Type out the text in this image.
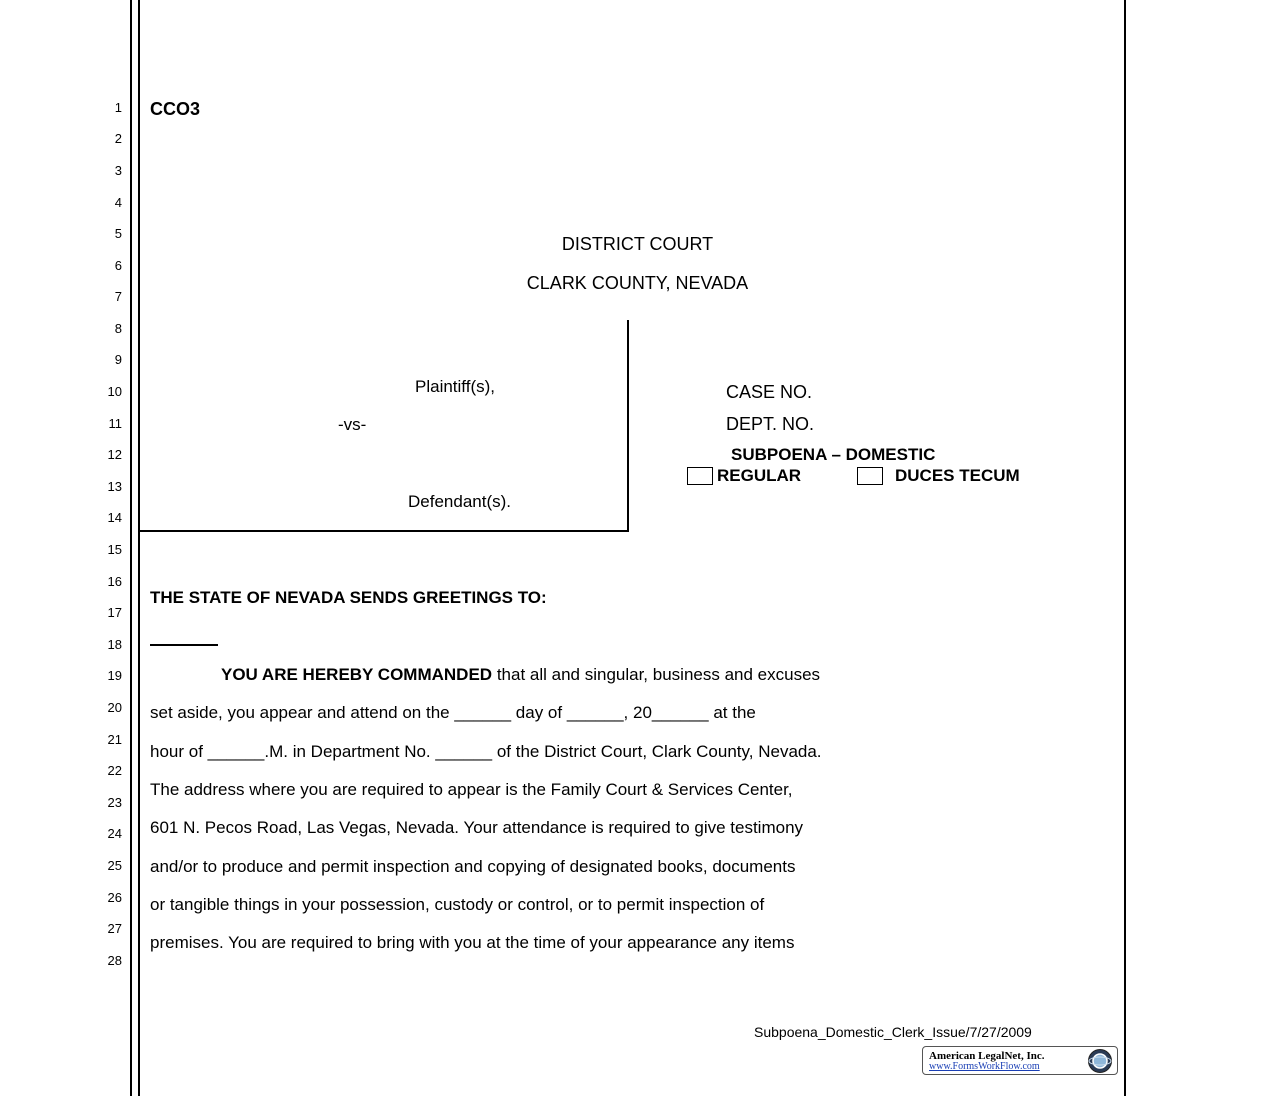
1
2
3
4
5
6
7
8
9
10
11
12
13
14
15
16
17
18
19
20
21
22
23
24
25
26
27
28
CCO3
DISTRICT COURT
CLARK COUNTY, NEVADA
Plaintiff(s),
-vs-
Defendant(s).
CASE NO.
DEPT. NO.
SUBPOENA – DOMESTIC
REGULAR	DUCES TECUM
THE STATE OF NEVADA SENDS GREETINGS TO:
YOU ARE HEREBY COMMANDED that all and singular, business and excuses
set aside, you appear and attend on the ______ day of ______, 20______ at the
hour of ______.M. in Department No. ______ of the District Court, Clark County, Nevada.
The address where you are required to appear is the Family Court & Services Center,
601 N. Pecos Road, Las Vegas, Nevada. Your attendance is required to give testimony
and/or to produce and permit inspection and copying of designated books, documents
or tangible things in your possession, custody or control, or to permit inspection of
premises. You are required to bring with you at the time of your appearance any items
Subpoena_Domestic_Clerk_Issue/7/27/2009
American LegalNet, Inc.
www.FormsWorkFlow.com
